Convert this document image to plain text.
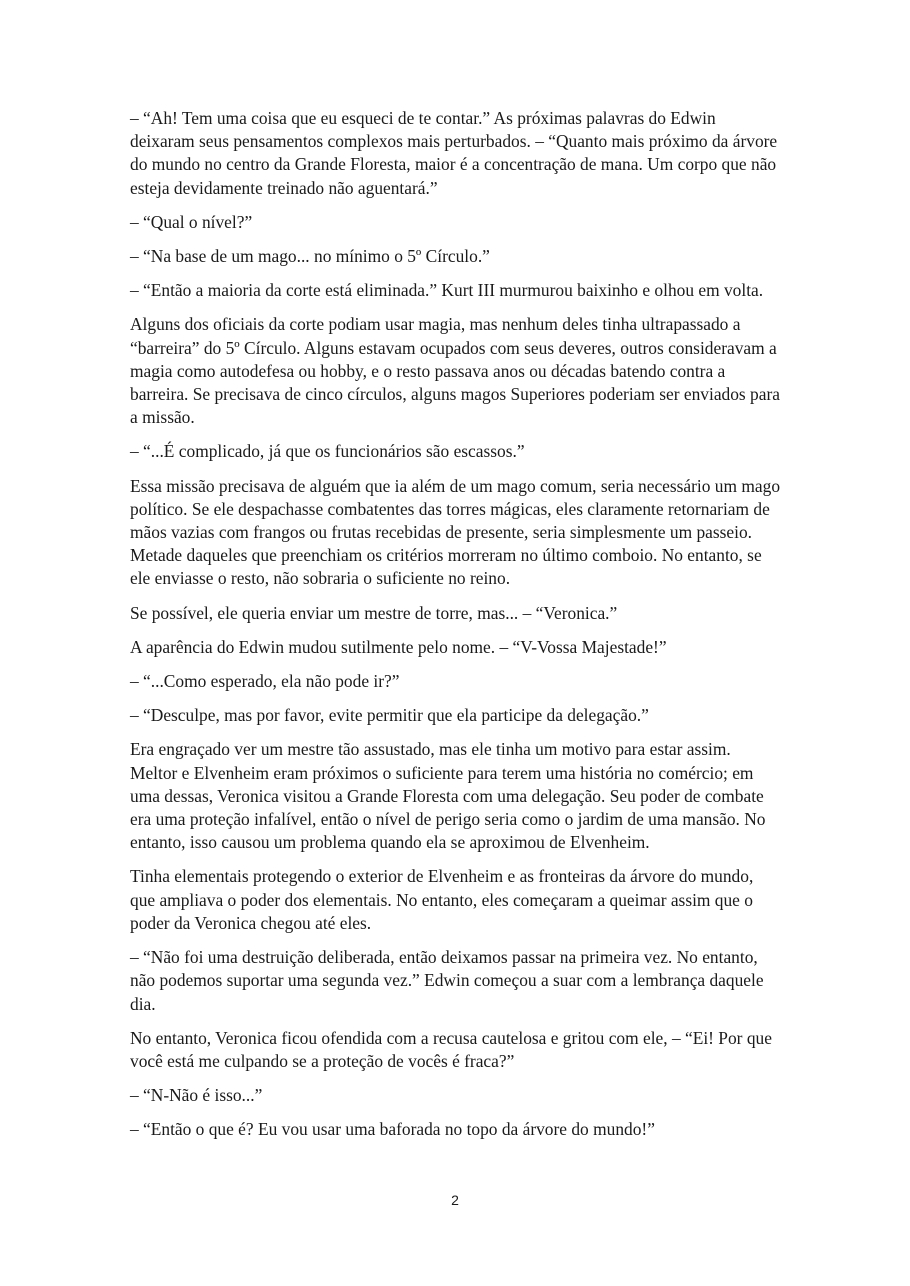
– “Ah! Tem uma coisa que eu esqueci de te contar.” As próximas palavras do Edwin deixaram seus pensamentos complexos mais perturbados. – “Quanto mais próximo da árvore do mundo no centro da Grande Floresta, maior é a concentração de mana. Um corpo que não esteja devidamente treinado não aguentará.”

– “Qual o nível?”

– “Na base de um mago... no mínimo o 5º Círculo.”

– “Então a maioria da corte está eliminada.” Kurt III murmurou baixinho e olhou em volta.

Alguns dos oficiais da corte podiam usar magia, mas nenhum deles tinha ultrapassado a “barreira” do 5º Círculo. Alguns estavam ocupados com seus deveres, outros consideravam a magia como autodefesa ou hobby, e o resto passava anos ou décadas batendo contra a barreira. Se precisava de cinco círculos, alguns magos Superiores poderiam ser enviados para a missão.

– “...É complicado, já que os funcionários são escassos.”

Essa missão precisava de alguém que ia além de um mago comum, seria necessário um mago político. Se ele despachasse combatentes das torres mágicas, eles claramente retornariam de mãos vazias com frangos ou frutas recebidas de presente, seria simplesmente um passeio. Metade daqueles que preenchiam os critérios morreram no último comboio. No entanto, se ele enviasse o resto, não sobraria o suficiente no reino.

Se possível, ele queria enviar um mestre de torre, mas... – “Veronica.”

A aparência do Edwin mudou sutilmente pelo nome. – “V-Vossa Majestade!”

– “...Como esperado, ela não pode ir?”

– “Desculpe, mas por favor, evite permitir que ela participe da delegação.”

Era engraçado ver um mestre tão assustado, mas ele tinha um motivo para estar assim. Meltor e Elvenheim eram próximos o suficiente para terem uma história no comércio; em uma dessas, Veronica visitou a Grande Floresta com uma delegação. Seu poder de combate era uma proteção infalível, então o nível de perigo seria como o jardim de uma mansão. No entanto, isso causou um problema quando ela se aproximou de Elvenheim.

Tinha elementais protegendo o exterior de Elvenheim e as fronteiras da árvore do mundo, que ampliava o poder dos elementais. No entanto, eles começaram a queimar assim que o poder da Veronica chegou até eles.

– “Não foi uma destruição deliberada, então deixamos passar na primeira vez. No entanto, não podemos suportar uma segunda vez.” Edwin começou a suar com a lembrança daquele dia.

No entanto, Veronica ficou ofendida com a recusa cautelosa e gritou com ele, – “Ei! Por que você está me culpando se a proteção de vocês é fraca?”

– “N-Não é isso...”

– “Então o que é? Eu vou usar uma baforada no topo da árvore do mundo!”

2
